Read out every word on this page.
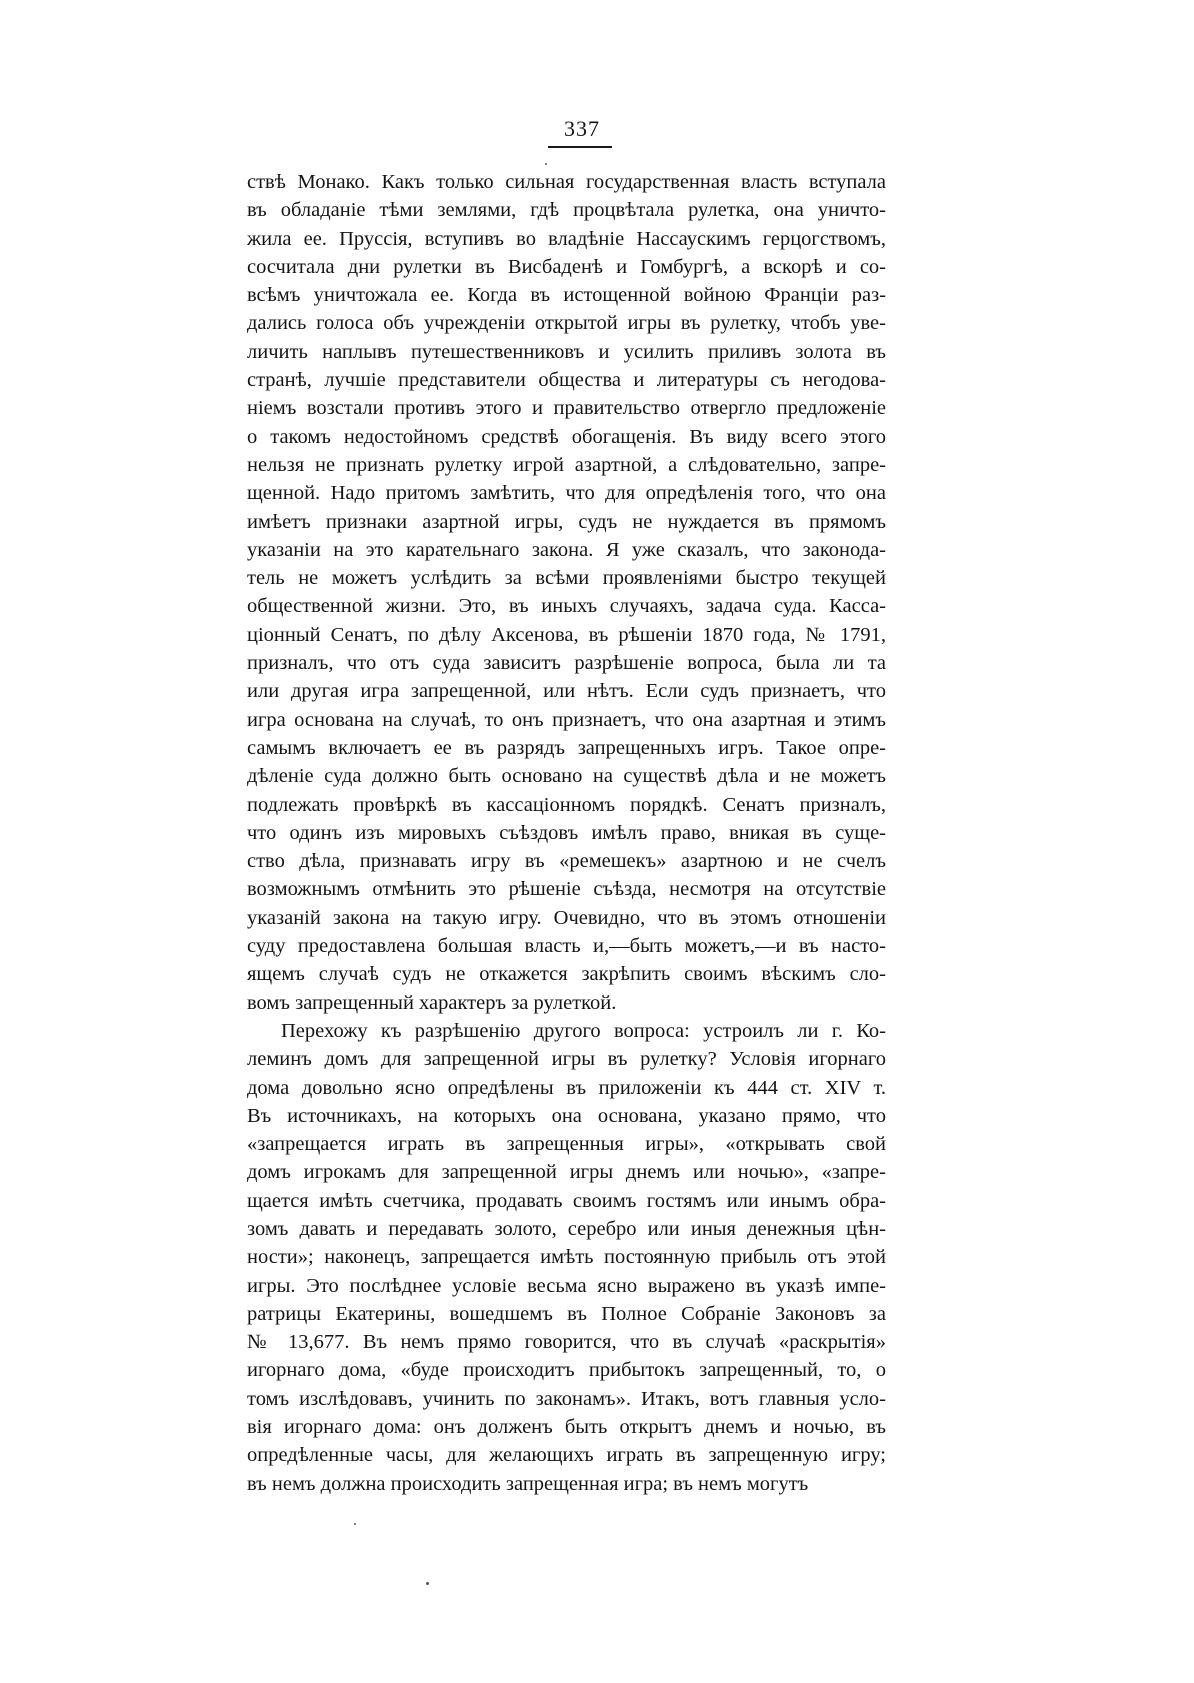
337
ствѣ Монако. Какъ только сильная государственная власть вступала
въ обладаніе тѣми землями, гдѣ процвѣтала рулетка, она уничто-
жила ее. Пруссія, вступивъ во владѣніе Нассаускимъ герцогствомъ,
сосчитала дни рулетки въ Висбаденѣ и Гомбургѣ, а вскорѣ и со-
всѣмъ уничтожала ее. Когда въ истощенной войною Франціи раз-
дались голоса объ учрежденіи открытой игры въ рулетку, чтобъ уве-
личить наплывъ путешественниковъ и усилить приливъ золота въ
странѣ, лучшіе представители общества и литературы съ негодова-
ніемъ возстали противъ этого и правительство отвергло предложеніе
о такомъ недостойномъ средствѣ обогащенія. Въ виду всего этого
нельзя не признать рулетку игрой азартной, а слѣдовательно, запре-
щенной. Надо притомъ замѣтить, что для опредѣленія того, что она
имѣетъ признаки азартной игры, судъ не нуждается въ прямомъ
указаніи на это карательнаго закона. Я уже сказалъ, что законода-
тель не можетъ услѣдить за всѣми проявленіями быстро текущей
общественной жизни. Это, въ иныхъ случаяхъ, задача суда. Касса-
ціонный Сенатъ, по дѣлу Аксенова, въ рѣшеніи 1870 года, № 1791,
призналъ, что отъ суда зависитъ разрѣшеніе вопроса, была ли та
или другая игра запрещенной, или нѣтъ. Если судъ признаетъ, что
игра основана на случаѣ, то онъ признаетъ, что она азартная и этимъ
самымъ включаетъ ее въ разрядъ запрещенныхъ игръ. Такое опре-
дѣленіе суда должно быть основано на существѣ дѣла и не можетъ
подлежать провѣркѣ въ кассаціонномъ порядкѣ. Сенатъ призналъ,
что одинъ изъ мировыхъ съѣздовъ имѣлъ право, вникая въ суще-
ство дѣла, признавать игру въ «ремешекъ» азартною и не счелъ
возможнымъ отмѣнить это рѣшеніе съѣзда, несмотря на отсутствіе
указаній закона на такую игру. Очевидно, что въ этомъ отношеніи
суду предоставлена большая власть и,—быть можетъ,—и въ насто-
ящемъ случаѣ судъ не откажется закрѣпить своимъ вѣскимъ сло-
вомъ запрещенный характеръ за рулеткой.
Перехожу къ разрѣшенію другого вопроса: устроилъ ли г. Ко-
леминъ домъ для запрещенной игры въ рулетку? Условія игорнаго
дома довольно ясно опредѣлены въ приложеніи къ 444 ст. XIV т.
Въ источникахъ, на которыхъ она основана, указано прямо, что
«запрещается играть въ запрещенныя игры», «открывать свой
домъ игрокамъ для запрещенной игры днемъ или ночью», «запре-
щается имѣть счетчика, продавать своимъ гостямъ или инымъ обра-
зомъ давать и передавать золото, серебро или иныя денежныя цѣн-
ности»; наконецъ, запрещается имѣть постоянную прибыль отъ этой
игры. Это послѣднее условіе весьма ясно выражено въ указѣ импе-
ратрицы Екатерины, вошедшемъ въ Полное Собраніе Законовъ за
№ 13,677. Въ немъ прямо говорится, что въ случаѣ «раскрытія»
игорнаго дома, «буде происходитъ прибытокъ запрещенный, то, о
томъ изслѣдовавъ, учинить по законамъ». Итакъ, вотъ главныя усло-
вія игорнаго дома: онъ долженъ быть открытъ днемъ и ночью, въ
опредѣленные часы, для желающихъ играть въ запрещенную игру;
въ немъ должна происходить запрещенная игра; въ немъ могутъ
